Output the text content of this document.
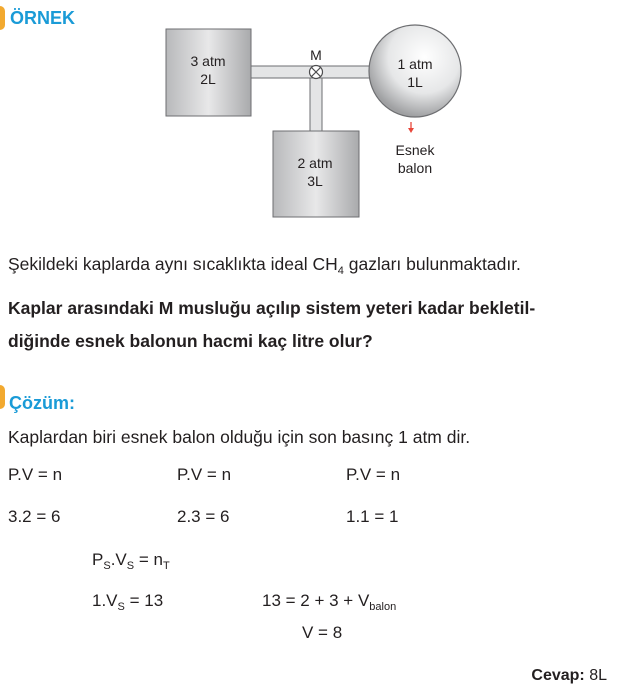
ÖRNEK
3 atm
2L
M
1 atm
1L
Esnek
balon
2 atm
3L
Şekildeki kaplarda aynı sıcaklıkta ideal $CH_4$ gazları bulunmaktadır.
Kaplar arasındaki M musluğu açılıp sistem yeteri kadar bekletil-
diğinde esnek balonun hacmi kaç litre olur?
Çözüm:
Kaplardan biri esnek balon olduğu için son basınç 1 atm dir.
P.V = n	P.V = n	P.V = n
3.2 = 6	2.3 = 6	1.1 = 1
$P_S.V_S = n_T$
$1.V_S = 13$	$13 = 2 + 3 + V_{balon}$
V = 8
Cevap: 8L
